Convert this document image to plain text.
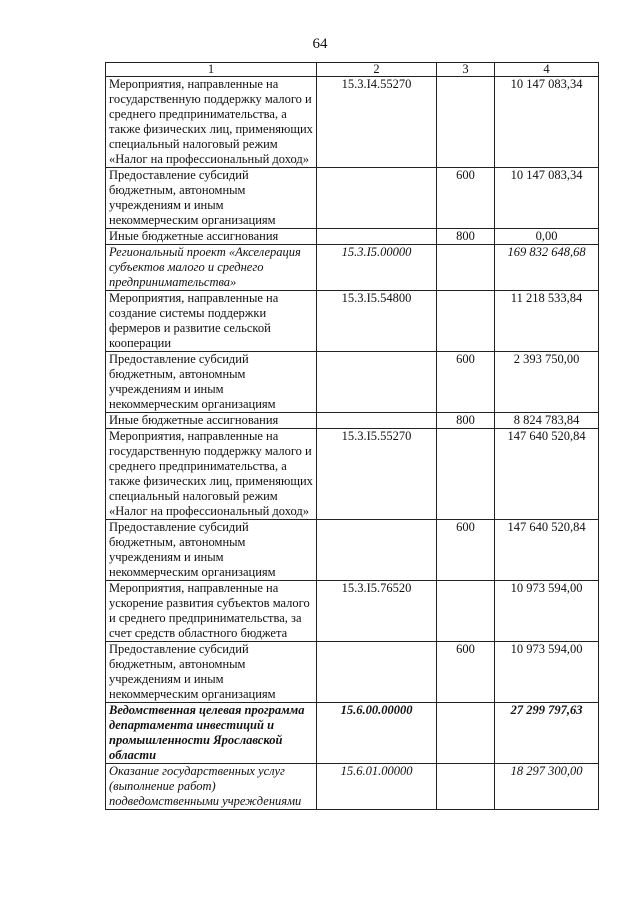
64
1	2	3	4
Мероприятия, направленные на государственную поддержку малого и среднего предпринимательства, а также физических лиц, применяющих специальный налоговый режим «Налог на профессиональный доход»	15.3.I4.55270		10 147 083,34
Предоставление субсидий бюджетным, автономным учреждениям и иным некоммерческим организациям		600	10 147 083,34
Иные бюджетные ассигнования		800	0,00
Региональный проект «Акселерация субъектов малого и среднего предпринимательства»	15.3.I5.00000		169 832 648,68
Мероприятия, направленные на создание системы поддержки фермеров и развитие сельской кооперации	15.3.I5.54800		11 218 533,84
Предоставление субсидий бюджетным, автономным учреждениям и иным некоммерческим организациям		600	2 393 750,00
Иные бюджетные ассигнования		800	8 824 783,84
Мероприятия, направленные на государственную поддержку малого и среднего предпринимательства, а также физических лиц, применяющих специальный налоговый режим «Налог на профессиональный доход»	15.3.I5.55270		147 640 520,84
Предоставление субсидий бюджетным, автономным учреждениям и иным некоммерческим организациям		600	147 640 520,84
Мероприятия, направленные на ускорение развития субъектов малого и среднего предпринимательства, за счет средств областного бюджета	15.3.I5.76520		10 973 594,00
Предоставление субсидий бюджетным, автономным учреждениям и иным некоммерческим организациям		600	10 973 594,00
Ведомственная целевая программа департамента инвестиций и промышленности Ярославской области	15.6.00.00000		27 299 797,63
Оказание государственных услуг (выполнение работ) подведомственными учреждениями	15.6.01.00000		18 297 300,00
